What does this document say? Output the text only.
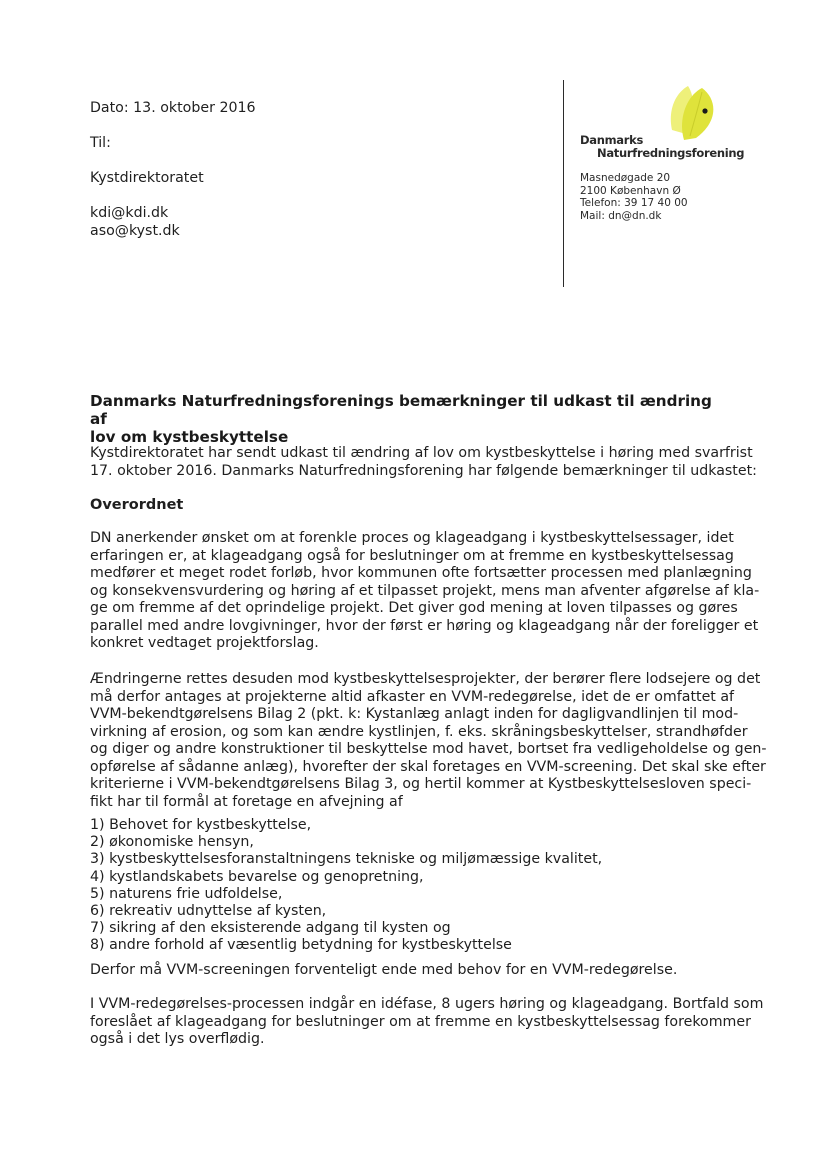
Dato: 13. oktober 2016
Til:
Kystdirektoratet
kdi@kdi.dk
aso@kyst.dk
Danmarks
Naturfredningsforening
Masnedøgade 20
2100 København Ø
Telefon: 39 17 40 00
Mail: dn@dn.dk
Danmarks Naturfredningsforenings bemærkninger til udkast til ændring af
lov om kystbeskyttelse
Kystdirektoratet har sendt udkast til ændring af lov om kystbeskyttelse i høring med svarfrist
17. oktober 2016. Danmarks Naturfredningsforening har følgende bemærkninger til udkastet:
Overordnet
DN anerkender ønsket om at forenkle proces og klageadgang i kystbeskyttelsessager, idet
erfaringen er, at klageadgang også for beslutninger om at fremme en kystbeskyttelsessag
medfører et meget rodet forløb, hvor kommunen ofte fortsætter processen med planlægning
og konsekvensvurdering og høring af et tilpasset projekt, mens man afventer afgørelse af kla-
ge om fremme af det oprindelige projekt. Det giver god mening at loven tilpasses og gøres
parallel med andre lovgivninger, hvor der først er høring og klageadgang når der foreligger et
konkret vedtaget projektforslag.
Ændringerne rettes desuden mod kystbeskyttelsesprojekter, der berører flere lodsejere og det
må derfor antages at projekterne altid afkaster en VVM-redegørelse, idet de er omfattet af
VVM-bekendtgørelsens Bilag 2 (pkt. k: Kystanlæg anlagt inden for dagligvandlinjen til mod-
virkning af erosion, og som kan ændre kystlinjen, f. eks. skråningsbeskyttelser, strandhøfder
og diger og andre konstruktioner til beskyttelse mod havet, bortset fra vedligeholdelse og gen-
opførelse af sådanne anlæg), hvorefter der skal foretages en VVM-screening. Det skal ske efter
kriterierne i VVM-bekendtgørelsens Bilag 3, og hertil kommer at Kystbeskyttelsesloven speci-
fikt har til formål at foretage en afvejning af
1) Behovet for kystbeskyttelse,
2) økonomiske hensyn,
3) kystbeskyttelsesforanstaltningens tekniske og miljømæssige kvalitet,
4) kystlandskabets bevarelse og genopretning,
5) naturens frie udfoldelse,
6) rekreativ udnyttelse af kysten,
7) sikring af den eksisterende adgang til kysten og
8) andre forhold af væsentlig betydning for kystbeskyttelse
Derfor må VVM-screeningen forventeligt ende med behov for en VVM-redegørelse.
I VVM-redegørelses-processen indgår en idéfase, 8 ugers høring og klageadgang. Bortfald som
foreslået af klageadgang for beslutninger om at fremme en kystbeskyttelsessag forekommer
også i det lys overflødig.
